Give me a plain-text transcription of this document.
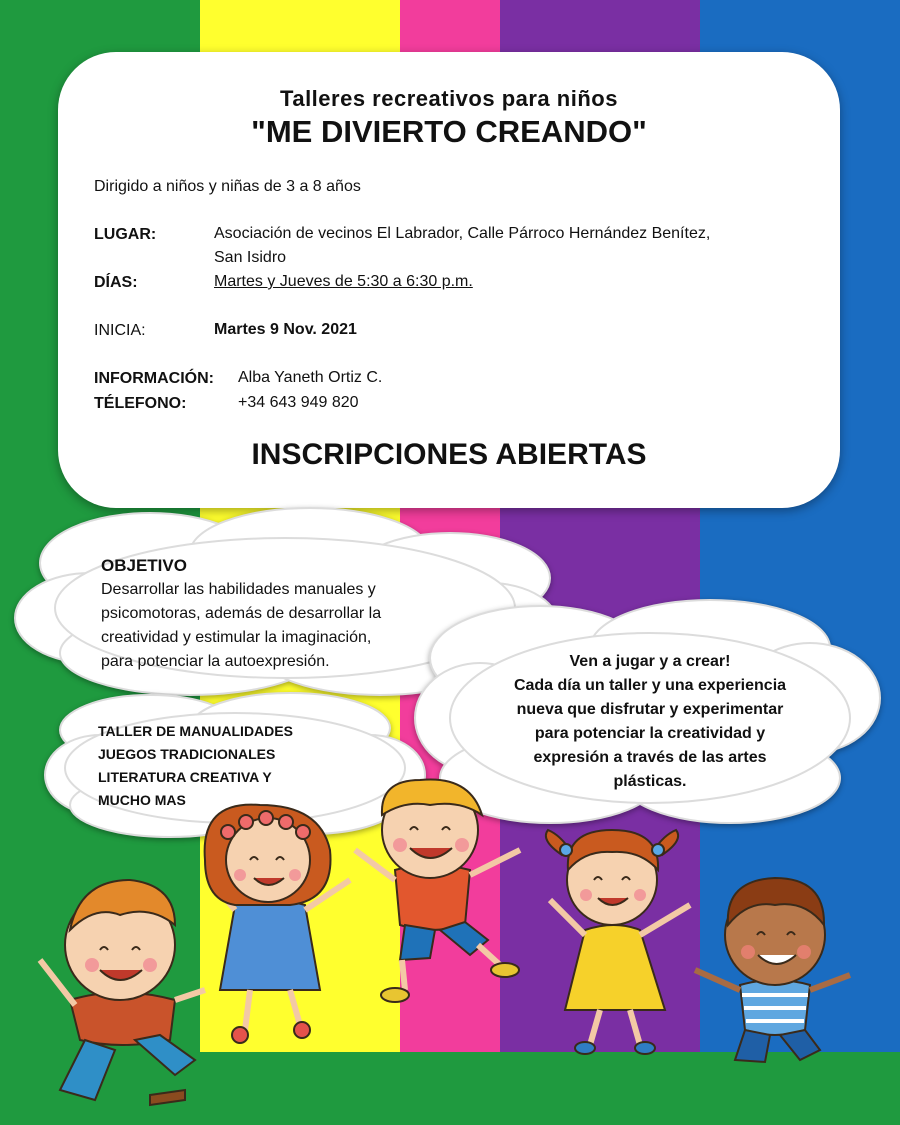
Talleres recreativos para niños
"ME DIVIERTO CREANDO"
Dirigido a niños y niñas de 3 a 8 años
LUGAR:	Asociación de vecinos El Labrador, Calle Párroco Hernández Benítez,
San Isidro
DÍAS:	Martes y Jueves de 5:30 a 6:30 p.m.
INICIA:	Martes 9 Nov. 2021
INFORMACIÓN: Alba Yaneth Ortiz C.
TÉLEFONO:	+34 643 949 820
INSCRIPCIONES ABIERTAS
OBJETIVO
Desarrollar las habilidades manuales y
psicomotoras, además de desarrollar la
creatividad y estimular la imaginación,
para potenciar la autoexpresión.
TALLER DE MANUALIDADES
JUEGOS TRADICIONALES
LITERATURA CREATIVA Y
MUCHO MAS
Ven a jugar y a crear!
Cada día un taller y una experiencia
nueva que disfrutar y experimentar
para potenciar la creatividad y
expresión a través de las artes
plásticas.
